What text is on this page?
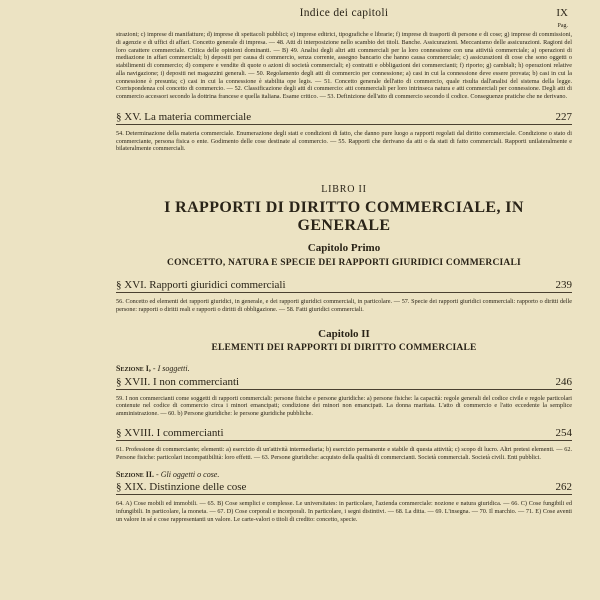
Indice dei capitoli	IX
Pag.

strazioni; c) imprese di manifatture; d) imprese di spettacoli pubblici; e) imprese editrici, tipografiche e librarie; f) imprese di trasporti di persone e di cose; g) imprese di commissioni, di agenzie e di uffici di affari. Concetto generale di impresa. — 48. Atti di interposizione nello scambio dei titoli. Banche. Assicurazioni. Meccanismo delle assicurazioni. Ragioni del loro carattere commerciale. Critica delle opinioni dominanti. — B) 49. Analisi degli altri atti commerciali per la loro connessione con una attività commerciale; a) operazioni di mediazione in affari commerciali; b) depositi per causa di commercio, senza corrente, assegno bancario che hanno causa commerciale; c) assicurazioni di cose che sono oggetti o stabilimenti di commercio; d) compere e vendite di quote o azioni di società commerciali; e) contratti e obbligazioni dei commercianti; f) riporto; g) cambiali; h) operazioni relative alla navigazione; i) depositi nei magazzini generali. — 50. Regolamento degli atti di commercio per connessione; a) casi in cui la connessione deve essere provata; b) casi in cui la connessione è presunta; c) casi in cui la connessione è stabilita ope legis. — 51. Concetto generale dell'atto di commercio, quale risulta dall'analisi del sistema della legge. Corrispondenza col concetto di commercio. — 52. Classificazione degli atti di commercio: atti commerciali per loro intrinseca natura e atti commerciali per connessione. Degli atti di commercio accessori secondo la dottrina francese e quella italiana. Esame critico. — 53. Definizione dell'atto di commercio secondo il codice. Conseguenze pratiche che ne derivano.

§ XV. La materia commerciale	227

54. Determinazione della materia commerciale. Enumerazione degli stati e condizioni di fatto, che danno pure luogo a rapporti regolati dal diritto commerciale. Condizione o stato di commerciante, persona fisica o ente. Godimento delle cose destinate al commercio. — 55. Rapporti che derivano da atti o da stati di fatto commerciali. Rapporti unilateralmente e bilateralmente commerciali.

LIBRO II

I RAPPORTI DI DIRITTO COMMERCIALE, IN GENERALE

Capitolo Primo

CONCETTO, NATURA E SPECIE DEI RAPPORTI GIURIDICI COMMERCIALI

§ XVI. Rapporti giuridici commerciali	239

56. Concetto ed elementi dei rapporti giuridici, in generale, e dei rapporti giuridici commerciali, in particolare. — 57. Specie dei rapporti giuridici commerciali: rapporto o diritti delle persone: rapporti o diritti reali e rapporti o diritti di obbligazione. — 58. Fatti giuridici commerciali.

Capitolo II

ELEMENTI DEI RAPPORTI DI DIRITTO COMMERCIALE

Sezione I, - I soggetti.

§ XVII. I non commercianti	246

59. I non commercianti come soggetti di rapporti commerciali: persone fisiche e persone giuridiche: a) persone fisiche: la capacità: regole generali del codice civile e regole particolari contenute nel codice di commercio circa i minori emancipati; condizione dei minori non emancipati. La donna maritata. L'atto di commercio e l'atto eccedente la semplice amministrazione. — 60. b) Persone giuridiche: le persone giuridiche pubbliche.

§ XVIII. I commercianti	254

61. Professione di commerciante; elementi: a) esercizio di un'attività intermediaria; b) esercizio permanente e stabile di questa attività; c) scopo di lucro. Altri pretesi elementi. — 62. Persone fisiche: particolari incompatibilità: loro effetti. — 63. Persone giuridiche: acquisto della qualità di commercianti. Società commerciali. Società civili. Enti pubblici.

Sezione II. - Gli oggetti o cose.

§ XIX. Distinzione delle cose	262

64. A) Cose mobili ed immobili. — 65. B) Cose semplici e complesse. Le universitates: in particolare, l'azienda commerciale: nozione e natura giuridica. — 66. C) Cose fungibili ed infungibili. In particolare, la moneta. — 67. D) Cose corporali e incorporali. In particolare, i segni distintivi. — 68. La ditta. — 69. L'insegna. — 70. Il marchio. — 71. E) Cose aventi un valore in sé e cose rappresentanti un valore. Le carte-valori o titoli di credito: concetto, specie.
